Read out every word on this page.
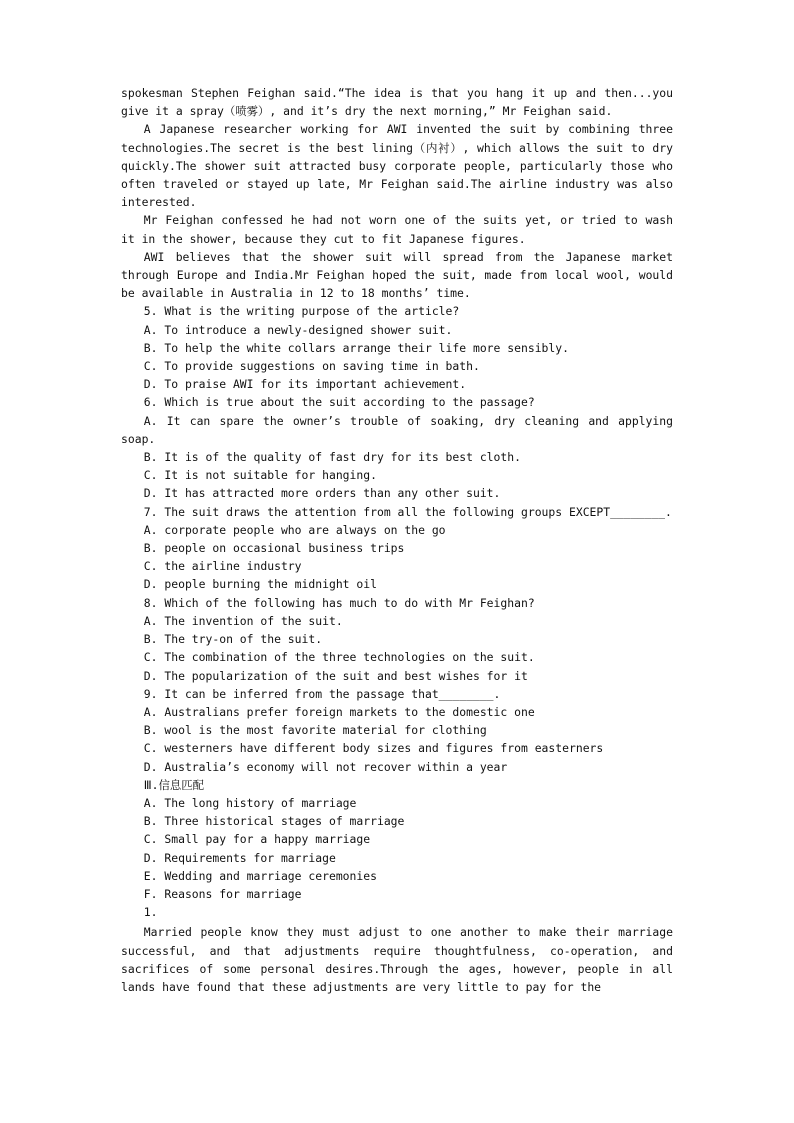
spokesman Stephen Feighan said.“The idea is that you hang it up and then...you give it a spray（喷雾）, and it’s dry the next morning,” Mr Feighan said.

A Japanese researcher working for AWI invented the suit by combining three technologies.The secret is the best lining（内衬）, which allows the suit to dry quickly.The shower suit attracted busy corporate people, particularly those who often traveled or stayed up late, Mr Feighan said.The airline industry was also interested.

Mr Feighan confessed he had not worn one of the suits yet, or tried to wash it in the shower, because they cut to fit Japanese figures.

AWI believes that the shower suit will spread from the Japanese market through Europe and India.Mr Feighan hoped the suit, made from local wool, would be available in Australia in 12 to 18 months’ time.

5. What is the writing purpose of the article?

A. To introduce a newly-designed shower suit.

B. To help the white collars arrange their life more sensibly.

C. To provide suggestions on saving time in bath.

D. To praise AWI for its important achievement.

6. Which is true about the suit according to the passage?

A. It can spare the owner’s trouble of soaking, dry cleaning and applying soap.

B. It is of the quality of fast dry for its best cloth.

C. It is not suitable for hanging.

D. It has attracted more orders than any other suit.

7. The suit draws the attention from all the following groups EXCEPT________.

A. corporate people who are always on the go

B. people on occasional business trips

C. the airline industry

D. people burning the midnight oil

8. Which of the following has much to do with Mr Feighan?

A. The invention of the suit.

B. The try-on of the suit.

C. The combination of the three technologies on the suit.

D. The popularization of the suit and best wishes for it

9. It can be inferred from the passage that________.

A. Australians prefer foreign markets to the domestic one

B. wool is the most favorite material for clothing

C. westerners have different body sizes and figures from easterners

D. Australia’s economy will not recover within a year

Ⅲ.信息匹配

A. The long history of marriage

B. Three historical stages of marriage

C. Small pay for a happy marriage

D. Requirements for marriage

E. Wedding and marriage ceremonies

F. Reasons for marriage

1.

Married people know they must adjust to one another to make their marriage successful, and that adjustments require thoughtfulness, co-operation, and sacrifices of some personal desires.Through the ages, however, people in all lands have found that these adjustments are very little to pay for the
